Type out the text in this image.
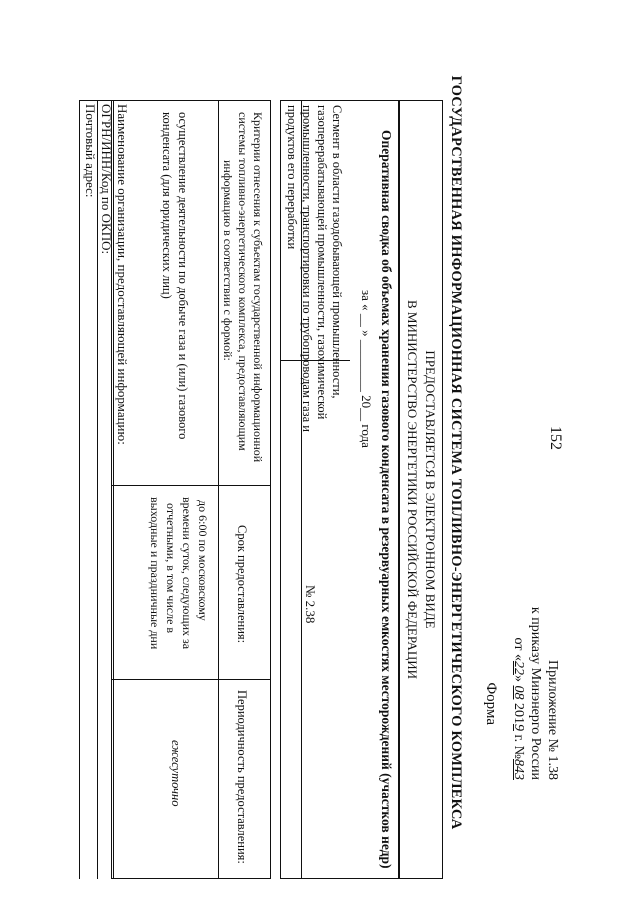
152
Приложение № 1.38
к приказу Минэнерго России
от «22» 08 2019 г. №843
Форма
ГОСУДАРСТВЕННАЯ ИНФОРМАЦИОННАЯ СИСТЕМА ТОПЛИВНО-ЭНЕРГЕТИЧЕСКОГО КОМПЛЕКСА
ПРЕДОСТАВЛЯЕТСЯ В ЭЛЕКТРОННОМ ВИДЕ
В МИНИСТЕРСТВО ЭНЕРГЕТИКИ РОССИЙСКОЙ ФЕДЕРАЦИИ
Оперативная сводка об объемах хранения газового конденсата в резервуарных емкостях месторождений (участков недр)
за « __ » ________ 20__ года
Сегмент в области газодобывающей промышленности,
газоперерабатывающей промышленности, газохимической
промышленности, транспортировки по трубопроводам газа и
продуктов его переработки
№ 2.38
Критерии отнесения к субъектам государственной информационной
системы топливно-энергетического комплекса, предоставляющим
информацию в соответствии с формой:
Срок предоставления:
Периодичность предоставления:
осуществление деятельности по добыче газа и (или) газового
конденсата (для юридических лиц)
до 6:00 по московскому
времени суток, следующих за
отчетными, в том числе в
выходные и праздничные дни
ежесуточно
Наименование организации, предоставляющей информацию:
ОГРН/ИНН/Код по ОКПО:
Почтовый адрес:
